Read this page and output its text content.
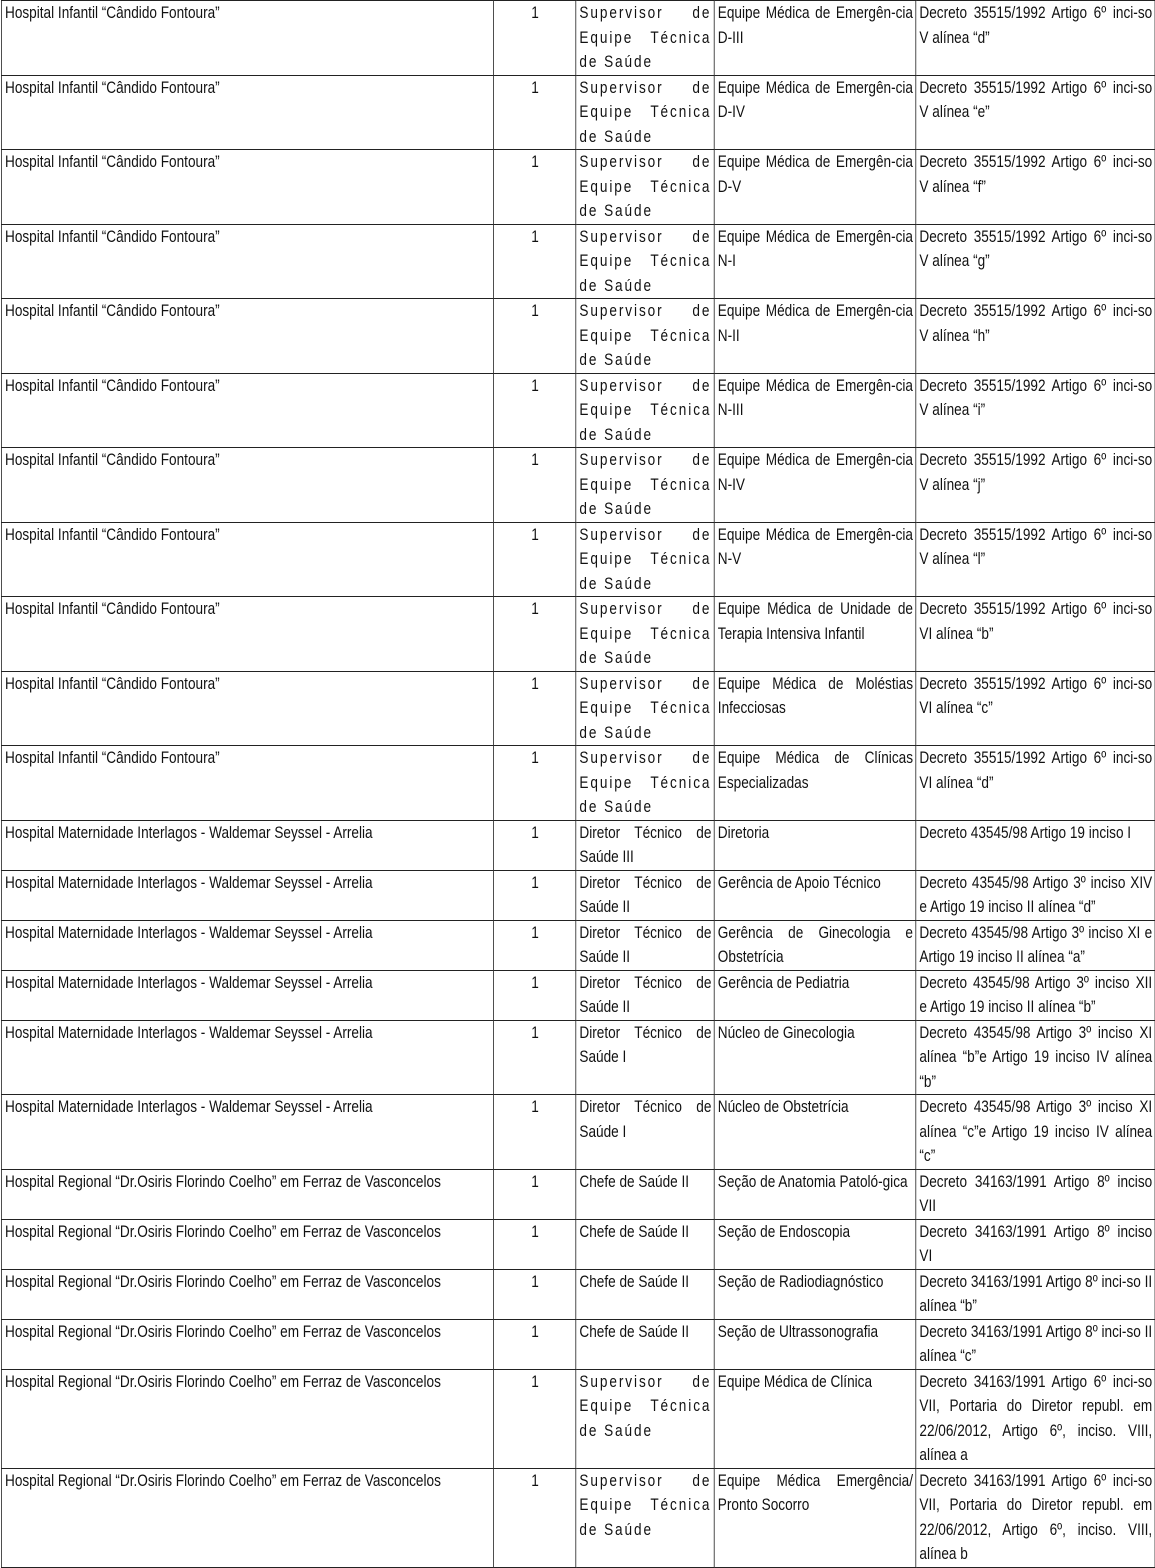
Hospital Infantil “Cândido Fontoura”	1	Supervisor de Equipe Técnica de Saúde	Equipe Médica de Emergên-cia D-III	Decreto 35515/1992 Artigo 6º inci-so V alínea “d”
Hospital Infantil “Cândido Fontoura”	1	Supervisor de Equipe Técnica de Saúde	Equipe Médica de Emergên-cia D-IV	Decreto 35515/1992 Artigo 6º inci-so V alínea “e”
Hospital Infantil “Cândido Fontoura”	1	Supervisor de Equipe Técnica de Saúde	Equipe Médica de Emergên-cia D-V	Decreto 35515/1992 Artigo 6º inci-so V alínea “f”
Hospital Infantil “Cândido Fontoura”	1	Supervisor de Equipe Técnica de Saúde	Equipe Médica de Emergên-cia N-I	Decreto 35515/1992 Artigo 6º inci-so V alínea “g”
Hospital Infantil “Cândido Fontoura”	1	Supervisor de Equipe Técnica de Saúde	Equipe Médica de Emergên-cia N-II	Decreto 35515/1992 Artigo 6º inci-so V alínea “h”
Hospital Infantil “Cândido Fontoura”	1	Supervisor de Equipe Técnica de Saúde	Equipe Médica de Emergên-cia N-III	Decreto 35515/1992 Artigo 6º inci-so V alínea “i”
Hospital Infantil “Cândido Fontoura”	1	Supervisor de Equipe Técnica de Saúde	Equipe Médica de Emergên-cia N-IV	Decreto 35515/1992 Artigo 6º inci-so V alínea “j”
Hospital Infantil “Cândido Fontoura”	1	Supervisor de Equipe Técnica de Saúde	Equipe Médica de Emergên-cia N-V	Decreto 35515/1992 Artigo 6º inci-so V alínea “l”
Hospital Infantil “Cândido Fontoura”	1	Supervisor de Equipe Técnica de Saúde	Equipe Médica de Unidade de Terapia Intensiva Infantil	Decreto 35515/1992 Artigo 6º inci-so VI alínea “b”
Hospital Infantil “Cândido Fontoura”	1	Supervisor de Equipe Técnica de Saúde	Equipe Médica de Moléstias Infecciosas	Decreto 35515/1992 Artigo 6º inci-so VI alínea “c”
Hospital Infantil “Cândido Fontoura”	1	Supervisor de Equipe Técnica de Saúde	Equipe Médica de Clínicas Especializadas	Decreto 35515/1992 Artigo 6º inci-so VI alínea “d”
Hospital Maternidade Interlagos - Waldemar Seyssel - Arrelia	1	Diretor Técnico de Saúde III	Diretoria	Decreto 43545/98 Artigo 19 inciso I
Hospital Maternidade Interlagos - Waldemar Seyssel - Arrelia	1	Diretor Técnico de Saúde II	Gerência de Apoio Técnico	Decreto 43545/98 Artigo 3º inciso XIV e Artigo 19 inciso II alínea “d”
Hospital Maternidade Interlagos - Waldemar Seyssel - Arrelia	1	Diretor Técnico de Saúde II	Gerência de Ginecologia e Obstetrícia	Decreto 43545/98 Artigo 3º inciso XI e Artigo 19 inciso II alínea “a”
Hospital Maternidade Interlagos - Waldemar Seyssel - Arrelia	1	Diretor Técnico de Saúde II	Gerência de Pediatria	Decreto 43545/98 Artigo 3º inciso XII e Artigo 19 inciso II alínea “b”
Hospital Maternidade Interlagos - Waldemar Seyssel - Arrelia	1	Diretor Técnico de Saúde I	Núcleo de Ginecologia	Decreto 43545/98 Artigo 3º inciso XI alínea “b”e Artigo 19 inciso IV alínea “b”
Hospital Maternidade Interlagos - Waldemar Seyssel - Arrelia	1	Diretor Técnico de Saúde I	Núcleo de Obstetrícia	Decreto 43545/98 Artigo 3º inciso XI alínea “c”e Artigo 19 inciso IV alínea “c”
Hospital Regional “Dr.Osiris Florindo Coelho” em Ferraz de Vasconcelos	1	Chefe de Saúde II	Seção de Anatomia Patoló-gica	Decreto 34163/1991 Artigo 8º inciso VII
Hospital Regional “Dr.Osiris Florindo Coelho” em Ferraz de Vasconcelos	1	Chefe de Saúde II	Seção de Endoscopia	Decreto 34163/1991 Artigo 8º inciso VI
Hospital Regional “Dr.Osiris Florindo Coelho” em Ferraz de Vasconcelos	1	Chefe de Saúde II	Seção de Radiodiagnóstico	Decreto 34163/1991 Artigo 8º inci-so II alínea “b”
Hospital Regional “Dr.Osiris Florindo Coelho” em Ferraz de Vasconcelos	1	Chefe de Saúde II	Seção de Ultrassonografia	Decreto 34163/1991 Artigo 8º inci-so II alínea “c”
Hospital Regional “Dr.Osiris Florindo Coelho” em Ferraz de Vasconcelos	1	Supervisor de Equipe Técnica de Saúde	Equipe Médica de Clínica	Decreto 34163/1991 Artigo 6º inci-so VII, Portaria do Diretor republ. em 22/06/2012, Artigo 6º, inciso. VIII, alínea a
Hospital Regional “Dr.Osiris Florindo Coelho” em Ferraz de Vasconcelos	1	Supervisor de Equipe Técnica de Saúde	Equipe Médica Emergência/ Pronto Socorro	Decreto 34163/1991 Artigo 6º inci-so VII, Portaria do Diretor republ. em 22/06/2012, Artigo 6º, inciso. VIII, alínea b
